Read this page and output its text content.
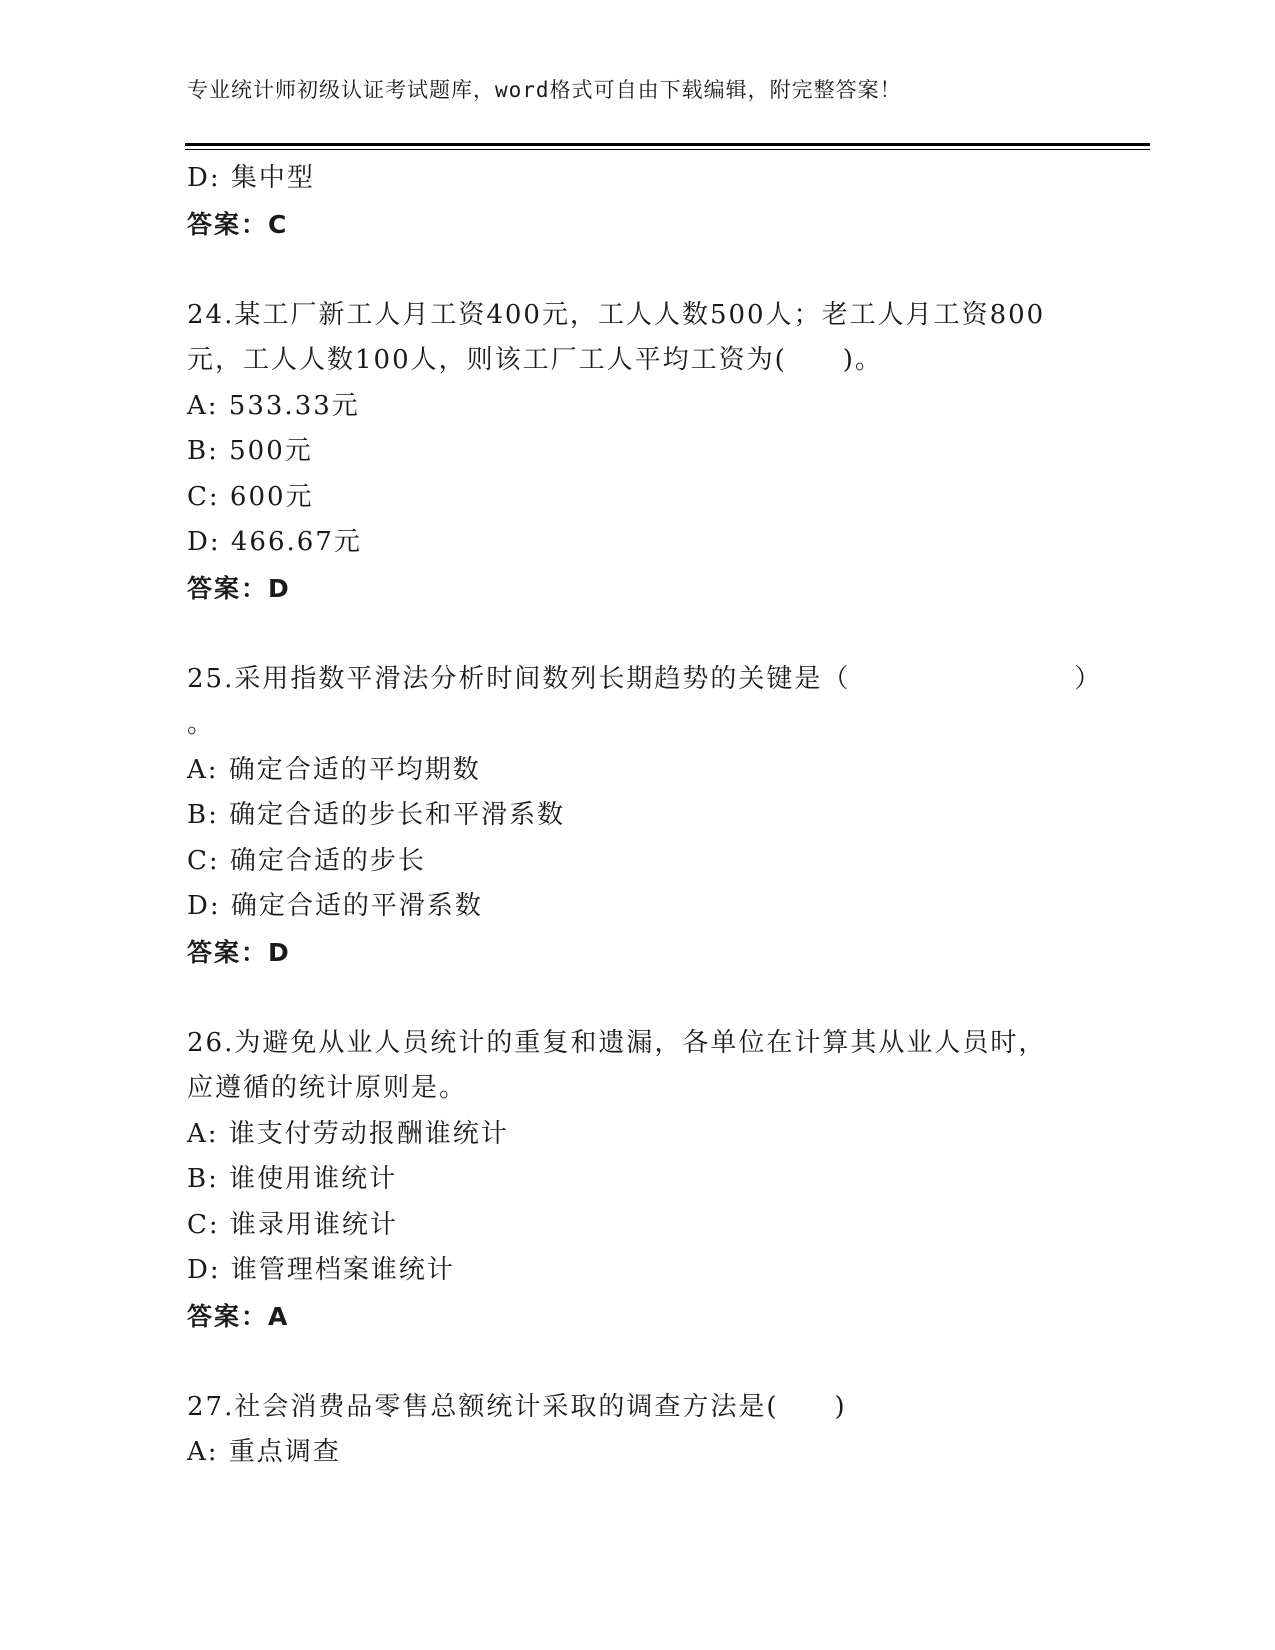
专业统计师初级认证考试题库，word格式可自由下载编辑，附完整答案！
D: 集中型
答案：C
24.某工厂新工人月工资400元，工人人数500人；老工人月工资800
元，工人人数100人，则该工厂工人平均工资为(　　)。
A: 533.33元
B: 500元
C: 600元
D: 466.67元
答案：D
25.采用指数平滑法分析时间数列长期趋势的关键是（　　　　　　　　）
。
A: 确定合适的平均期数
B: 确定合适的步长和平滑系数
C: 确定合适的步长
D: 确定合适的平滑系数
答案：D
26.为避免从业人员统计的重复和遗漏，各单位在计算其从业人员时，
应遵循的统计原则是。
A: 谁支付劳动报酬谁统计
B: 谁使用谁统计
C: 谁录用谁统计
D: 谁管理档案谁统计
答案：A
27.社会消费品零售总额统计采取的调查方法是(　　)
A: 重点调查
